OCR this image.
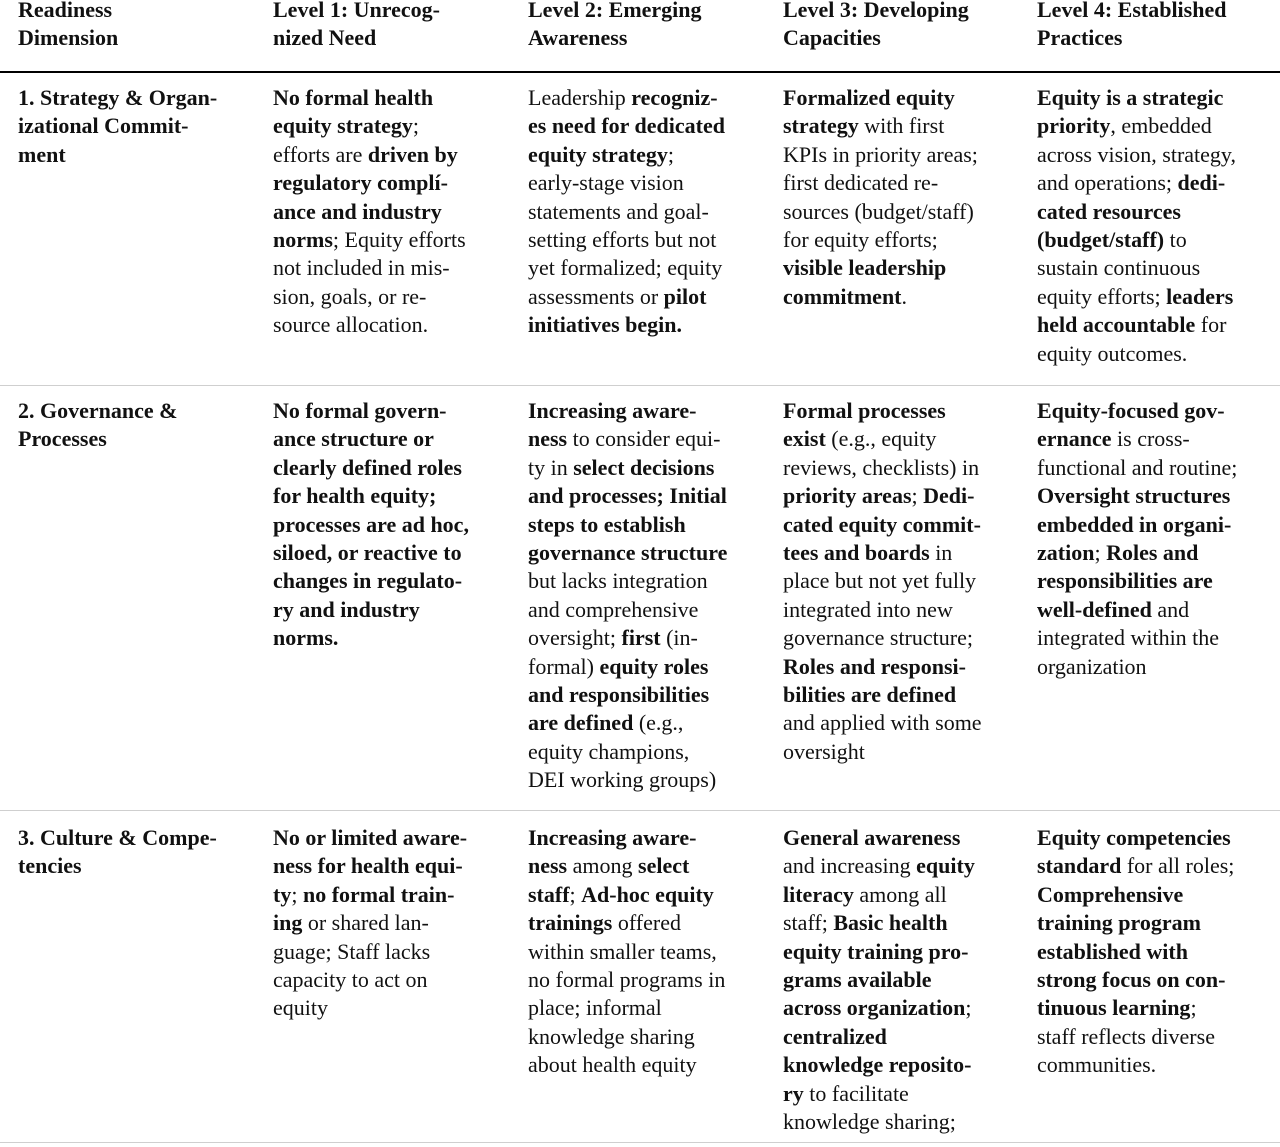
Readiness
Dimension
Level 1: Unrecog-
nized Need
Level 2: Emerging
Awareness
Level 3: Developing
Capacities
Level 4: Established
Practices
1. Strategy & Organ-
izational Commit-
ment
No formal health
equity strategy;
efforts are driven by
regulatory complí-
ance and industry
norms; Equity efforts
not included in mis-
sion, goals, or re-
source allocation.
Leadership recogniz-
es need for dedicated
equity strategy;
early-stage vision
statements and goal-
setting efforts but not
yet formalized; equity
assessments or pilot
initiatives begin.
Formalized equity
strategy with first
KPIs in priority areas;
first dedicated re-
sources (budget/staff)
for equity efforts;
visible leadership
commitment.
Equity is a strategic
priority, embedded
across vision, strategy,
and operations; dedi-
cated resources
(budget/staff) to
sustain continuous
equity efforts; leaders
held accountable for
equity outcomes.
2. Governance &
Processes
No formal govern-
ance structure or
clearly defined roles
for health equity;
processes are ad hoc,
siloed, or reactive to
changes in regulato-
ry and industry
norms.
Increasing aware-
ness to consider equi-
ty in select decisions
and processes; Initial
steps to establish
governance structure
but lacks integration
and comprehensive
oversight; first (in-
formal) equity roles
and responsibilities
are defined (e.g.,
equity champions,
DEI working groups)
Formal processes
exist (e.g., equity
reviews, checklists) in
priority areas; Dedi-
cated equity commit-
tees and boards in
place but not yet fully
integrated into new
governance structure;
Roles and responsi-
bilities are defined
and applied with some
oversight
Equity-focused gov-
ernance is cross-
functional and routine;
Oversight structures
embedded in organi-
zation; Roles and
responsibilities are
well-defined and
integrated within the
organization
3. Culture & Compe-
tencies
No or limited aware-
ness for health equi-
ty; no formal train-
ing or shared lan-
guage; Staff lacks
capacity to act on
equity
Increasing aware-
ness among select
staff; Ad-hoc equity
trainings offered
within smaller teams,
no formal programs in
place; informal
knowledge sharing
about health equity
General awareness
and increasing equity
literacy among all
staff; Basic health
equity training pro-
grams available
across organization;
centralized
knowledge reposito-
ry to facilitate
knowledge sharing;
Equity competencies
standard for all roles;
Comprehensive
training program
established with
strong focus on con-
tinuous learning;
staff reflects diverse
communities.
